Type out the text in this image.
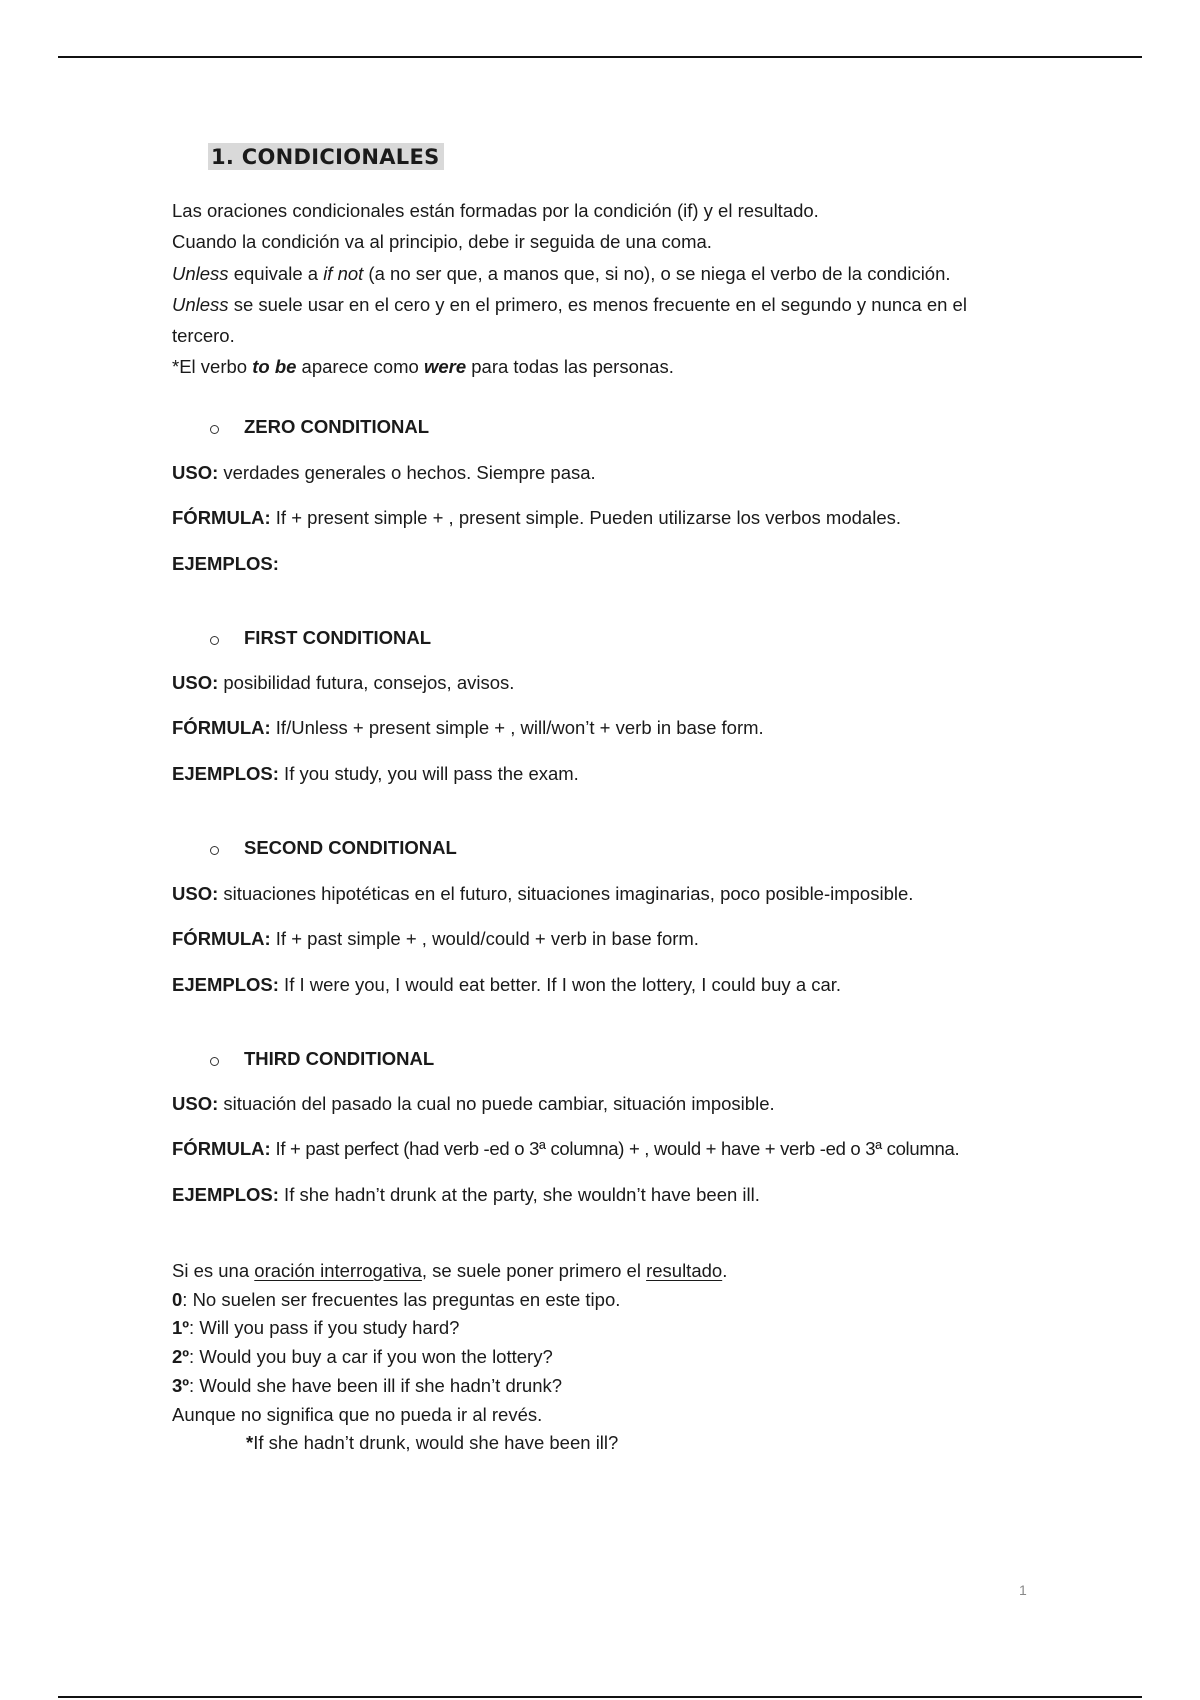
1. CONDICIONALES

Las oraciones condicionales están formadas por la condición (if) y el resultado.

Cuando la condición va al principio, debe ir seguida de una coma.

Unless equivale a if not (a no ser que, a manos que, si no), o se niega el verbo de la condición.

Unless se suele usar en el cero y en el primero, es menos frecuente en el segundo y nunca en el

tercero.

*El verbo to be aparece como were para todas las personas.

ZERO CONDITIONAL
USO: verdades generales o hechos. Siempre pasa.
FÓRMULA: If + present simple + , present simple. Pueden utilizarse los verbos modales.
EJEMPLOS:
FIRST CONDITIONAL
USO: posibilidad futura, consejos, avisos.
FÓRMULA: If/Unless + present simple + , will/won’t + verb in base form.
EJEMPLOS: If you study, you will pass the exam.
SECOND CONDITIONAL
USO: situaciones hipotéticas en el futuro, situaciones imaginarias, poco posible-imposible.
FÓRMULA: If + past simple + , would/could + verb in base form.
EJEMPLOS: If I were you, I would eat better. If I won the lottery, I could buy a car.
THIRD CONDITIONAL
USO: situación del pasado la cual no puede cambiar, situación imposible.
FÓRMULA: If + past perfect (had verb -ed o 3ª columna) + , would + have + verb -ed o 3ª columna.
EJEMPLOS: If she hadn’t drunk at the party, she wouldn’t have been ill.

Si es una oración interrogativa, se suele poner primero el resultado.

0: No suelen ser frecuentes las preguntas en este tipo.

1º: Will you pass if you study hard?

2º: Would you buy a car if you won the lottery?

3º: Would she have been ill if she hadn’t drunk?

Aunque no significa que no pueda ir al revés.

*If she hadn’t drunk, would she have been ill?

1
